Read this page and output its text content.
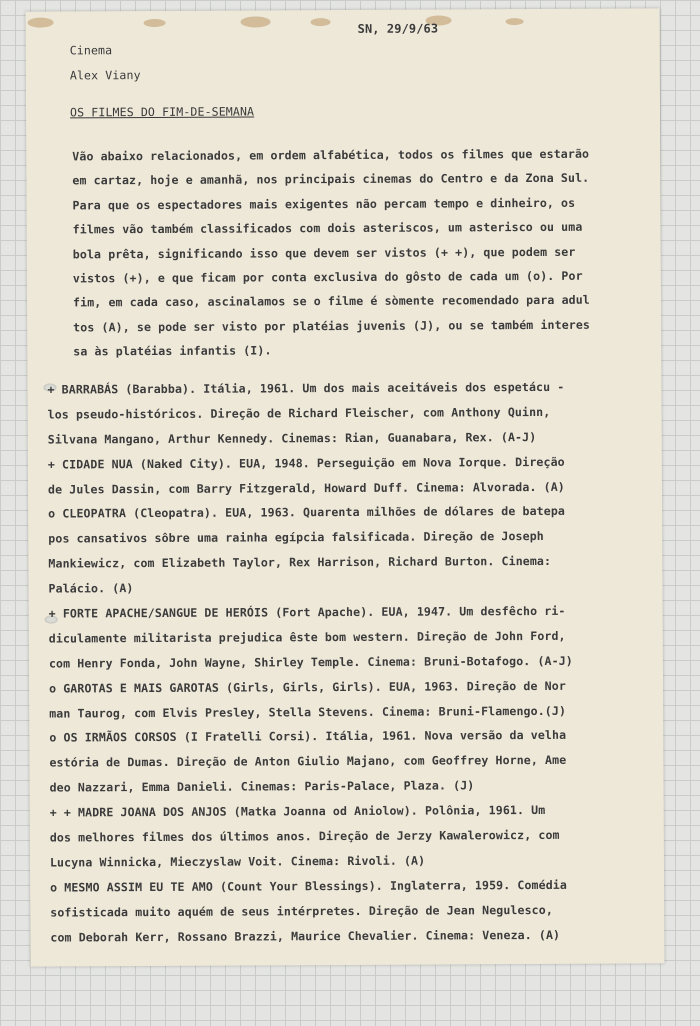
SN, 29/9/63
Cinema
Alex Viany
OS FILMES DO FIM-DE-SEMANA
Vão abaixo relacionados, em ordem alfabética, todos os filmes que estarão
em cartaz, hoje e amanhã, nos principais cinemas do Centro e da Zona Sul.
Para que os espectadores mais exigentes não percam tempo e dinheiro, os
filmes vão também classificados com dois asteriscos, um asterisco ou uma
bola prêta, significando isso que devem ser vistos (+ +), que podem ser
vistos (+), e que ficam por conta exclusiva do gôsto de cada um (o). Por
fim, em cada caso, ascinalamos se o filme é sòmente recomendado para adul
tos (A), se pode ser visto por platéias juvenis (J), ou se também interes
sa às platéias infantis (I).
+ BARRABÁS (Barabba). Itália, 1961. Um dos mais aceitáveis dos espetácu -
los pseudo-históricos. Direção de Richard Fleischer, com Anthony Quinn,
Silvana Mangano, Arthur Kennedy. Cinemas: Rian, Guanabara, Rex. (A-J)
+ CIDADE NUA (Naked City). EUA, 1948. Perseguição em Nova Iorque. Direção
de Jules Dassin, com Barry Fitzgerald, Howard Duff. Cinema: Alvorada. (A)
o CLEOPATRA (Cleopatra). EUA, 1963. Quarenta milhões de dólares de batepa
pos cansativos sôbre uma rainha egípcia falsificada. Direção de Joseph
Mankiewicz, com Elizabeth Taylor, Rex Harrison, Richard Burton. Cinema:
Palácio. (A)
+ FORTE APACHE/SANGUE DE HERÓIS (Fort Apache). EUA, 1947. Um desfêcho ri-
diculamente militarista prejudica êste bom western. Direção de John Ford,
com Henry Fonda, John Wayne, Shirley Temple. Cinema: Bruni-Botafogo. (A-J)
o GAROTAS E MAIS GAROTAS (Girls, Girls, Girls). EUA, 1963. Direção de Nor
man Taurog, com Elvis Presley, Stella Stevens. Cinema: Bruni-Flamengo.(J)
o OS IRMÃOS CORSOS (I Fratelli Corsi). Itália, 1961. Nova versão da velha
estória de Dumas. Direção de Anton Giulio Majano, com Geoffrey Horne, Ame
deo Nazzari, Emma Danieli. Cinemas: Paris-Palace, Plaza. (J)
+ + MADRE JOANA DOS ANJOS (Matka Joanna od Aniolow). Polônia, 1961. Um
dos melhores filmes dos últimos anos. Direção de Jerzy Kawalerowicz, com
Lucyna Winnicka, Mieczyslaw Voit. Cinema: Rivoli. (A)
o MESMO ASSIM EU TE AMO (Count Your Blessings). Inglaterra, 1959. Comédia
sofisticada muito aquém de seus intérpretes. Direção de Jean Negulesco,
com Deborah Kerr, Rossano Brazzi, Maurice Chevalier. Cinema: Veneza. (A)
